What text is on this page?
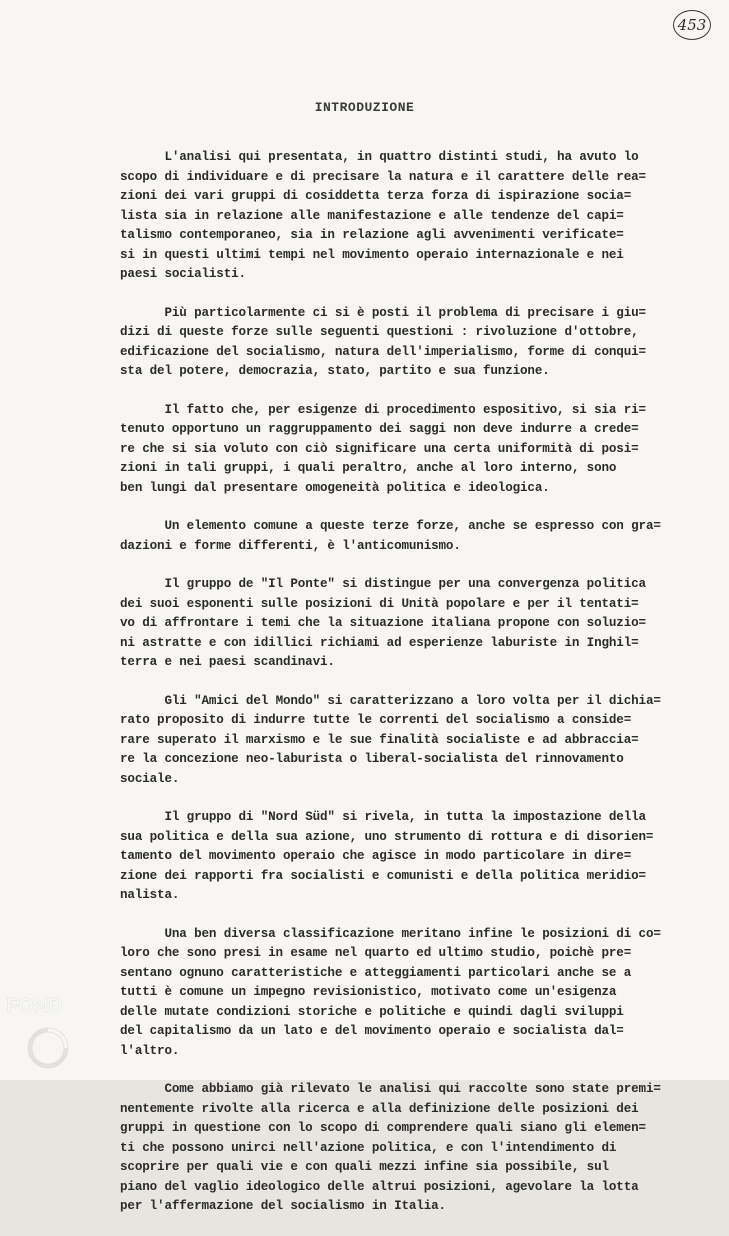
453
INTRODUZIONE

L'analisi qui presentata, in quattro distinti studi, ha avuto lo
scopo di individuare e di precisare la natura e il carattere delle rea=
zioni dei vari gruppi di cosiddetta terza forza di ispirazione socia=
lista sia in relazione alle manifestazione e alle tendenze del capi=
talismo contemporaneo, sia in relazione agli avvenimenti verificate=
si in questi ultimi tempi nel movimento operaio internazionale e nei
paesi socialisti.

Più particolarmente ci si è posti il problema di precisare i giu=
dizi di queste forze sulle seguenti questioni : rivoluzione d'ottobre,
edificazione del socialismo, natura dell'imperialismo, forme di conqui=
sta del potere, democrazia, stato, partito e sua funzione.

Il fatto che, per esigenze di procedimento espositivo, si sia ri=
tenuto opportuno un raggruppamento dei saggi non deve indurre a crede=
re che si sia voluto con ciò significare una certa uniformità di posi=
zioni in tali gruppi, i quali peraltro, anche al loro interno, sono
ben lungi dal presentare omogeneità politica e ideologica.

Un elemento comune a queste terze forze, anche se espresso con gra=
dazioni e forme differenti, è l'anticomunismo.

Il gruppo de "Il Ponte" si distingue per una convergenza politica
dei suoi esponenti sulle posizioni di Unità popolare e per il tentati=
vo di affrontare i temi che la situazione italiana propone con soluzio=
ni astratte e con idillici richiami ad esperienze laburiste in Inghil=
terra e nei paesi scandinavi.

Gli "Amici del Mondo" si caratterizzano a loro volta per il dichia=
rato proposito di indurre tutte le correnti del socialismo a conside=
rare superato il marxismo e le sue finalità socialiste e ad abbraccia=
re la concezione neo-laburista o liberal-socialista del rinnovamento
sociale.

Il gruppo di "Nord Süd" si rivela, in tutta la impostazione della
sua politica e della sua azione, uno strumento di rottura e di disorien=
tamento del movimento operaio che agisce in modo particolare in dire=
zione dei rapporti fra socialisti e comunisti e della politica meridio=
nalista.

Una ben diversa classificazione meritano infine le posizioni di co=
loro che sono presi in esame nel quarto ed ultimo studio, poichè pre=
sentano ognuno caratteristiche e atteggiamenti particolari anche se a
tutti è comune un impegno revisionistico, motivato come un'esigenza
delle mutate condizioni storiche e politiche e quindi dagli sviluppi
del capitalismo da un lato e del movimento operaio e socialista dal=
l'altro.

Come abbiamo già rilevato le analisi qui raccolte sono state premi=
nentemente rivolte alla ricerca e alla definizione delle posizioni dei
gruppi in questione con lo scopo di comprendere quali siano gli elemen=
ti che possono unirci nell'azione politica, e con l'intendimento di
scoprire per quali vie e con quali mezzi infine sia possibile, sul
piano del vaglio ideologico delle altrui posizioni, agevolare la lotta
per l'affermazione del socialismo in Italia.

FOND
